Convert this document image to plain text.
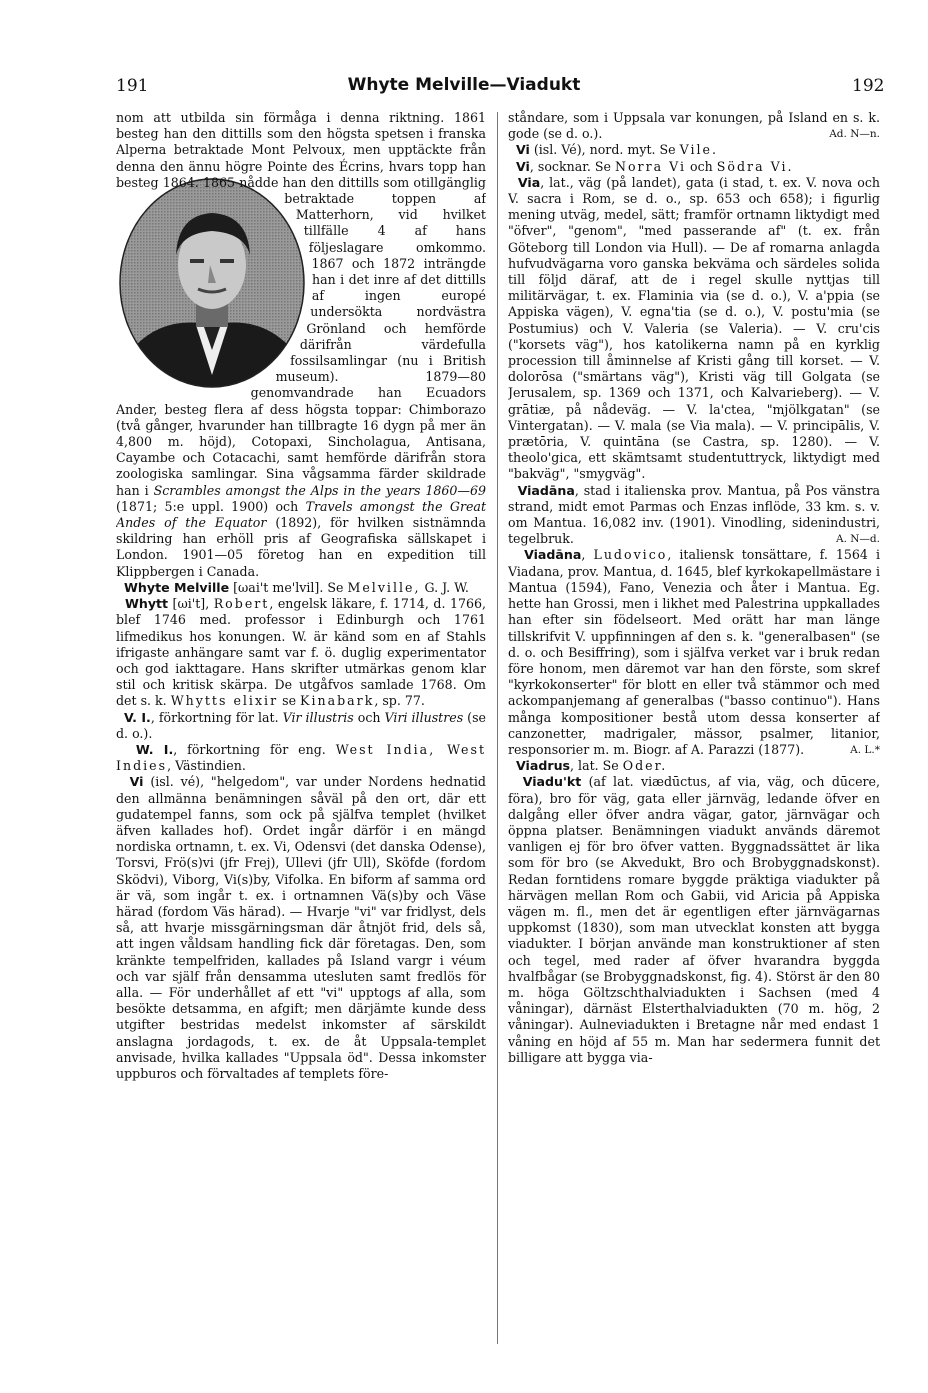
191	Whyte Melville—Viadukt	192

nom att utbilda sin förmåga i denna riktning. 1861 besteg han den dittills som den högsta spetsen i franska Alperna betraktade Mont Pelvoux, men upptäckte från denna den ännu högre Pointe des Écrins, hvars topp han besteg 1864. 1865 nådde han den dittills som otillgänglig betraktade toppen af Matterhorn, vid hvilket tillfälle 4 af hans följeslagare omkommo. 1867 och 1872 inträngde han i det inre af det dittills af ingen europé undersökta nordvästra Grönland och hemförde därifrån värdefulla fossilsamlingar (nu i British museum). 1879—80 genomvandrade han Ecuadors Ander, besteg flera af dess högsta toppar: Chimborazo (två gånger, hvarunder han tillbragte 16 dygn på mer än 4,800 m. höjd), Cotopaxi, Sincholagua, Antisana, Cayambe och Cotacachi, samt hemförde därifrån stora zoologiska samlingar. Sina vågsamma färder skildrade han i Scrambles amongst the Alps in the years 1860—69 (1871; 5:e uppl. 1900) och Travels amongst the Great Andes of the Equator (1892), för hvilken sistnämnda skildring han erhöll pris af Geografiska sällskapet i London. 1901—05 företog han en expedition till Klippbergen i Canada.

Whyte Melville [ωai't me'lvil]. Se Melville, G. J. W.

Whytt [ωi't], Robert, engelsk läkare, f. 1714, d. 1766, blef 1746 med. professor i Edinburgh och 1761 lifmedikus hos konungen. W. är känd som en af Stahls ifrigaste anhängare samt var f. ö. duglig experimentator och god iakttagare. Hans skrifter utmärkas genom klar stil och kritisk skärpa. De utgåfvos samlade 1768. Om det s. k. Whytts elixir se Kinabark, sp. 77.

V. I., förkortning för lat. Vir illustris och Viri illustres (se d. o.).

W. I., förkortning för eng. West India, West Indies, Västindien.

Vi (isl. vé), "helgedom", var under Nordens hednatid den allmänna benämningen såväl på den ort, där ett gudatempel fanns, som ock på själfva templet (hvilket äfven kallades hof). Ordet ingår därför i en mängd nordiska ortnamn, t. ex. Vi, Odensvi (det danska Odense), Torsvi, Frö(s)vi (jfr Frej), Ullevi (jfr Ull), Sköfde (fordom Sködvi), Viborg, Vi(s)by, Vifolka. En biform af samma ord är vä, som ingår t. ex. i ortnamnen Vä(s)by och Väse härad (fordom Väs härad). — Hvarje "vi" var fridlyst, dels så, att hvarje missgärningsman där åtnjöt frid, dels så, att ingen våldsam handling fick där företagas. Den, som kränkte tempelfriden, kallades på Island vargr i véum och var själf från densamma utesluten samt fredlös för alla. — För underhållet af ett "vi" upptogs af alla, som besökte detsamma, en afgift; men därjämte kunde dess utgifter bestridas medelst inkomster af särskildt anslagna jordagods, t. ex. de åt Uppsala-templet anvisade, hvilka kallades "Uppsala öd". Dessa inkomster uppburos och förvaltades af templets före-

ståndare, som i Uppsala var konungen, på Island en s. k. gode (se d. o.).	Ad. N—n.

Vi (isl. Vé), nord. myt. Se Vile.

Vi, socknar. Se Norra Vi och Södra Vi.

Via, lat., väg (på landet), gata (i stad, t. ex. V. nova och V. sacra i Rom, se d. o., sp. 653 och 658); i figurlig mening utväg, medel, sätt; framför ortnamn liktydigt med "öfver", "genom", "med passerande af" (t. ex. från Göteborg till London via Hull). — De af romarna anlagda hufvudvägarna voro ganska bekväma och särdeles solida till följd däraf, att de i regel skulle nyttjas till militärvägar, t. ex. Flaminia via (se d. o.), V. a'ppia (se Appiska vägen), V. egna'tia (se d. o.), V. postu'mia (se Postumius) och V. Valeria (se Valeria). — V. cru'cis ("korsets väg"), hos katolikerna namn på en kyrklig procession till åminnelse af Kristi gång till korset. — V. dolorōsa ("smärtans väg"), Kristi väg till Golgata (se Jerusalem, sp. 1369 och 1371, och Kalvarieberg). — V. grātiæ, på nådeväg. — V. la'ctea, "mjölkgatan" (se Vintergatan). — V. mala (se Via mala). — V. principālis, V. prætōria, V. quintāna (se Castra, sp. 1280). — V. theolo'gica, ett skämtsamt studentuttryck, liktydigt med "bakväg", "smygväg".

Viadāna, stad i italienska prov. Mantua, på Pos vänstra strand, midt emot Parmas och Enzas inflöde, 33 km. s. v. om Mantua. 16,082 inv. (1901). Vinodling, sidenindustri, tegelbruk.	A. N—d.

Viadāna, Ludovico, italiensk tonsättare, f. 1564 i Viadana, prov. Mantua, d. 1645, blef kyrkokapellmästare i Mantua (1594), Fano, Venezia och åter i Mantua. Eg. hette han Grossi, men i likhet med Palestrina uppkallades han efter sin födelseort. Med orätt har man länge tillskrifvit V. uppfinningen af den s. k. "generalbasen" (se d. o. och Besiffring), som i själfva verket var i bruk redan före honom, men däremot var han den förste, som skref "kyrkokonserter" för blott en eller två stämmor och med ackompanjemang af generalbas ("basso continuo"). Hans många kompositioner bestå utom dessa konserter af canzonetter, madrigaler, mässor, psalmer, litanior, responsorier m. m. Biogr. af A. Parazzi (1877).	A. L.*

Viadrus, lat. Se Oder.

Viadu'kt (af lat. viædūctus, af via, väg, och dūcere, föra), bro för väg, gata eller järnväg, ledande öfver en dalgång eller öfver andra vägar, gator, järnvägar och öppna platser. Benämningen viadukt används däremot vanligen ej för bro öfver vatten. Byggnadssättet är lika som för bro (se Akvedukt, Bro och Brobyggnadskonst). Redan forntidens romare byggde präktiga viadukter på härvägen mellan Rom och Gabii, vid Aricia på Appiska vägen m. fl., men det är egentligen efter järnvägarnas uppkomst (1830), som man utvecklat konsten att bygga viadukter. I början använde man konstruktioner af sten och tegel, med rader af öfver hvarandra byggda hvalfbågar (se Brobyggnadskonst, fig. 4). Störst är den 80 m. höga Göltzschthalviadukten i Sachsen (med 4 våningar), därnäst Elsterthalviadukten (70 m. hög, 2 våningar). Aulneviadukten i Bretagne når med endast 1 våning en höjd af 55 m. Man har sedermera funnit det billigare att bygga via-
